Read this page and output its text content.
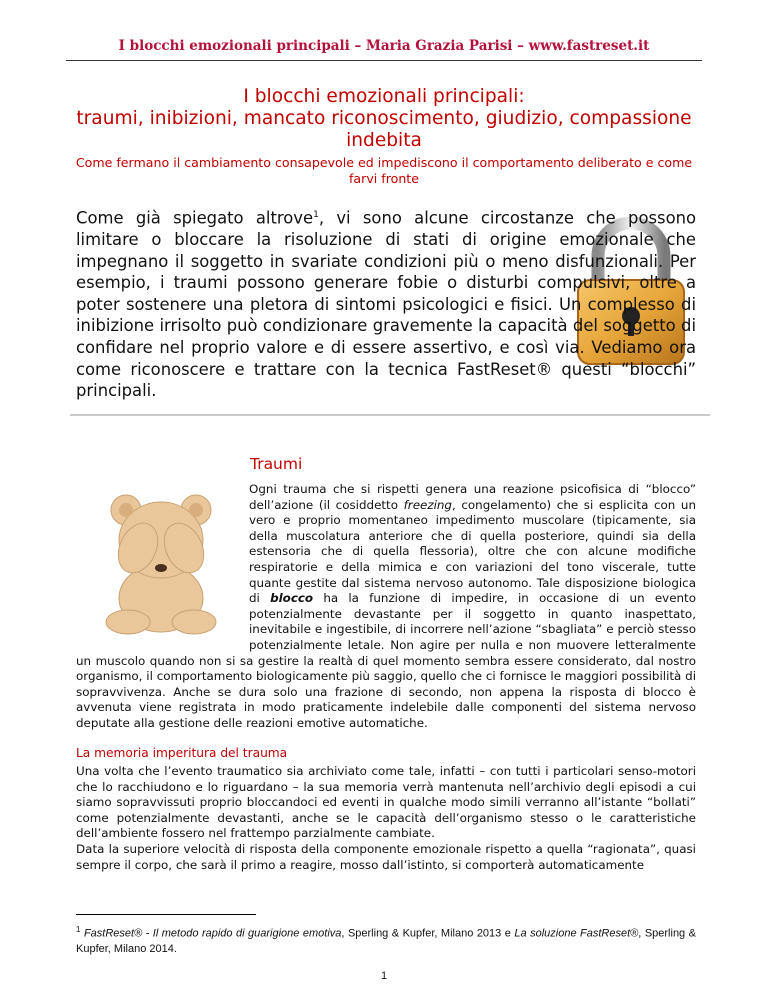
I blocchi emozionali principali – Maria Grazia Parisi – www.fastreset.it
I blocchi emozionali principali:
traumi, inibizioni, mancato riconoscimento, giudizio, compassione indebita
Come fermano il cambiamento consapevole ed impediscono il comportamento deliberato e come farvi fronte
Come già spiegato altrove$^1$, vi sono alcune circostanze che possono limitare o bloccare la risoluzione di stati di origine emozionale che impegnano il soggetto in svariate condizioni più o meno disfunzionali. Per esempio, i traumi possono generare fobie o disturbi compulsivi, oltre a poter sostenere una pletora di sintomi psicologici e fisici. Un complesso di inibizione irrisolto può condizionare gravemente la capacità del soggetto di confidare nel proprio valore e di essere assertivo, e così via. Vediamo ora come riconoscere e trattare con la tecnica FastReset® questi “blocchi” principali.
Traumi
Ogni trauma che si rispetti genera una reazione psicofisica di “blocco” dell’azione (il cosiddetto freezing, congelamento) che si esplicita con un vero e proprio momentaneo impedimento muscolare (tipicamente, sia della muscolatura anteriore che di quella posteriore, quindi sia della estensoria che di quella flessoria), oltre che con alcune modifiche respiratorie e della mimica e con variazioni del tono viscerale, tutte quante gestite dal sistema nervoso autonomo. Tale disposizione biologica di blocco ha la funzione di impedire, in occasione di un evento potenzialmente devastante per il soggetto in quanto inaspettato, inevitabile e ingestibile, di incorrere nell’azione “sbagliata” e perciò stesso potenzialmente letale. Non agire per nulla e non muovere letteralmente un muscolo quando non si sa gestire la realtà di quel momento sembra essere considerato, dal nostro organismo, il comportamento biologicamente più saggio, quello che ci fornisce le maggiori possibilità di sopravvivenza. Anche se dura solo una frazione di secondo, non appena la risposta di blocco è avvenuta viene registrata in modo praticamente indelebile dalle componenti del sistema nervoso deputate alla gestione delle reazioni emotive automatiche.
La memoria imperitura del trauma
Una volta che l’evento traumatico sia archiviato come tale, infatti – con tutti i particolari senso-motori che lo racchiudono e lo riguardano – la sua memoria verrà mantenuta nell’archivio degli episodi a cui siamo sopravvissuti proprio bloccandoci ed eventi in qualche modo simili verranno all’istante “bollati” come potenzialmente devastanti, anche se le capacità dell’organismo stesso o le caratteristiche dell’ambiente fossero nel frattempo parzialmente cambiate.
Data la superiore velocità di risposta della componente emozionale rispetto a quella “ragionata”, quasi sempre il corpo, che sarà il primo a reagire, mosso dall’istinto, si comporterà automaticamente
$^1$ FastReset® - Il metodo rapido di guarigione emotiva, Sperling & Kupfer, Milano 2013 e La soluzione FastReset®, Sperling & Kupfer, Milano 2014.
1
